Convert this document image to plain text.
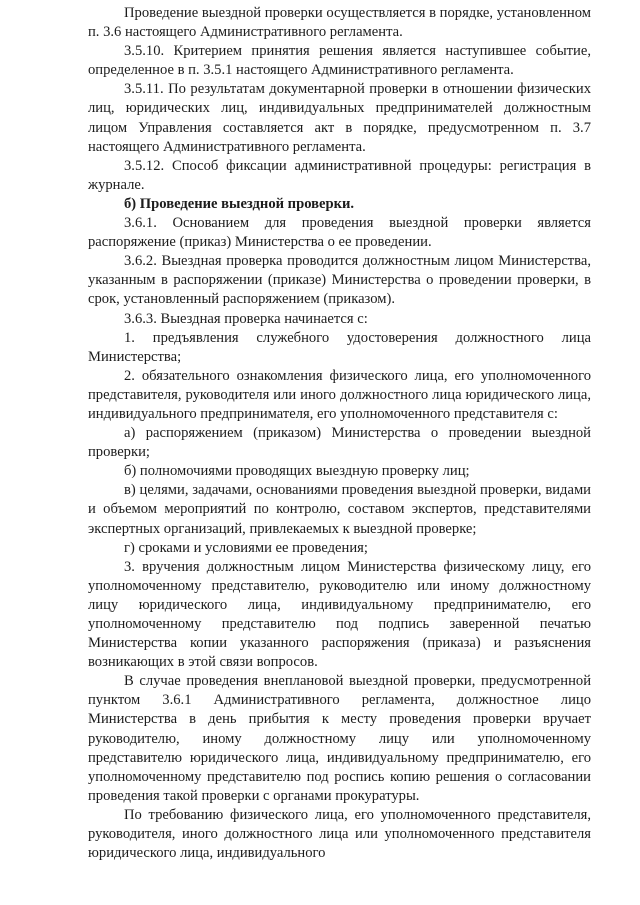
Проведение выездной проверки осуществляется в порядке, установленном п. 3.6 настоящего Административного регламента.

3.5.10. Критерием принятия решения является наступившее событие, определенное в п. 3.5.1 настоящего Административного регламента.

3.5.11. По результатам документарной проверки в отношении физических лиц, юридических лиц, индивидуальных предпринимателей должностным лицом Управления составляется акт в порядке, предусмотренном п. 3.7 настоящего Административного регламента.

3.5.12. Способ фиксации административной процедуры: регистрация в журнале.

б) Проведение выездной проверки.

3.6.1. Основанием для проведения выездной проверки является распоряжение (приказ) Министерства о ее проведении.

3.6.2. Выездная проверка проводится должностным лицом Министерства, указанным в распоряжении (приказе) Министерства о проведении проверки, в срок, установленный распоряжением (приказом).

3.6.3. Выездная проверка начинается с:

1. предъявления служебного удостоверения должностного лица Министерства;

2. обязательного ознакомления физического лица, его уполномоченного представителя, руководителя или иного должностного лица юридического лица, индивидуального предпринимателя, его уполномоченного представителя с:

а) распоряжением (приказом) Министерства о проведении выездной проверки;

б) полномочиями проводящих выездную проверку лиц;

в) целями, задачами, основаниями проведения выездной проверки, видами и объемом мероприятий по контролю, составом экспертов, представителями экспертных организаций, привлекаемых к выездной проверке;

г) сроками и условиями ее проведения;

3. вручения должностным лицом Министерства физическому лицу, его уполномоченному представителю, руководителю или иному должностному лицу юридического лица, индивидуальному предпринимателю, его уполномоченному представителю под подпись заверенной печатью Министерства копии указанного распоряжения (приказа) и разъяснения возникающих в этой связи вопросов.

В случае проведения внеплановой выездной проверки, предусмотренной пунктом 3.6.1 Административного регламента, должностное лицо Министерства в день прибытия к месту проведения проверки вручает руководителю, иному должностному лицу или уполномоченному представителю юридического лица, индивидуальному предпринимателю, его уполномоченному представителю под роспись копию решения о согласовании проведения такой проверки с органами прокуратуры.

По требованию физического лица, его уполномоченного представителя, руководителя, иного должностного лица или уполномоченного представителя юридического лица, индивидуального
